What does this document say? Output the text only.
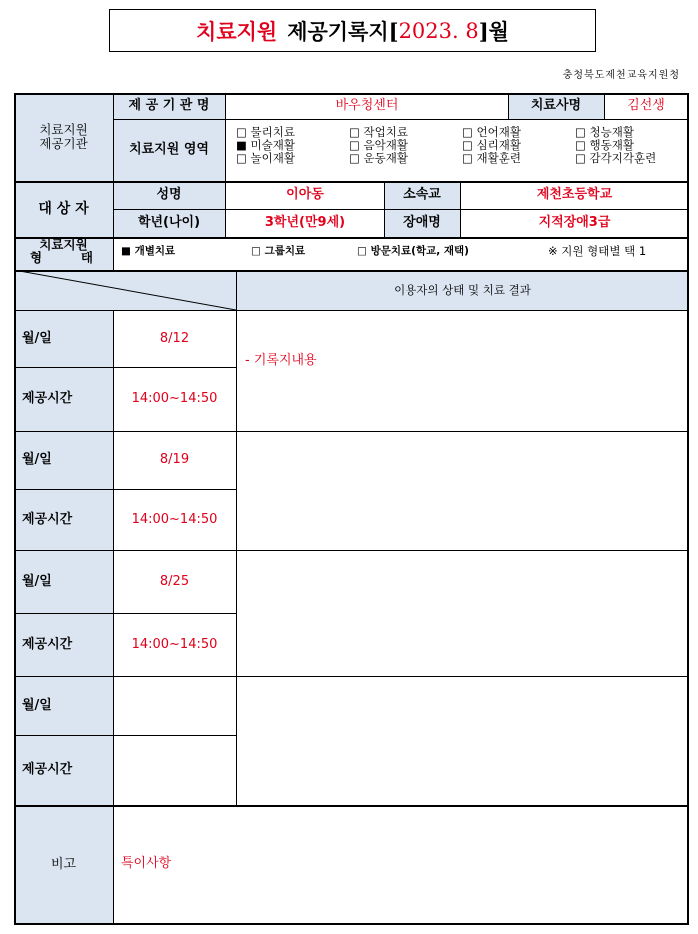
치료지원 제공기록지[ 2023. 8 ]월
충청북도제천교육지원청
치료지원
제공기관
제 공 기 관 명	바우청센터	치료사명	김선생
치료지원 영역
□ 물리치료	□ 작업치료	□ 언어재활	□ 청능재활
■ 미술재활	□ 음악재활	□ 심리재활	□ 행동재활
□ 놀이재활	□ 운동재활	□ 재활훈련	□ 감각지각훈련
대 상 자
성명	이아동	소속교	제천초등학교
학년(나이)	3학년(만9세)	장애명	지적장애3급
치료지원
형	태	■ 개별치료	□ 그룹치료	□ 방문치료(학교, 재택)	※ 지원 형태별 택 1
이용자의 상태 및 치료 결과
월/일	8/12
제공시간	14:00~14:50
- 기록지내용
월/일	8/19
제공시간	14:00~14:50
월/일	8/25
제공시간	14:00~14:50
월/일
제공시간
비고	특이사항
